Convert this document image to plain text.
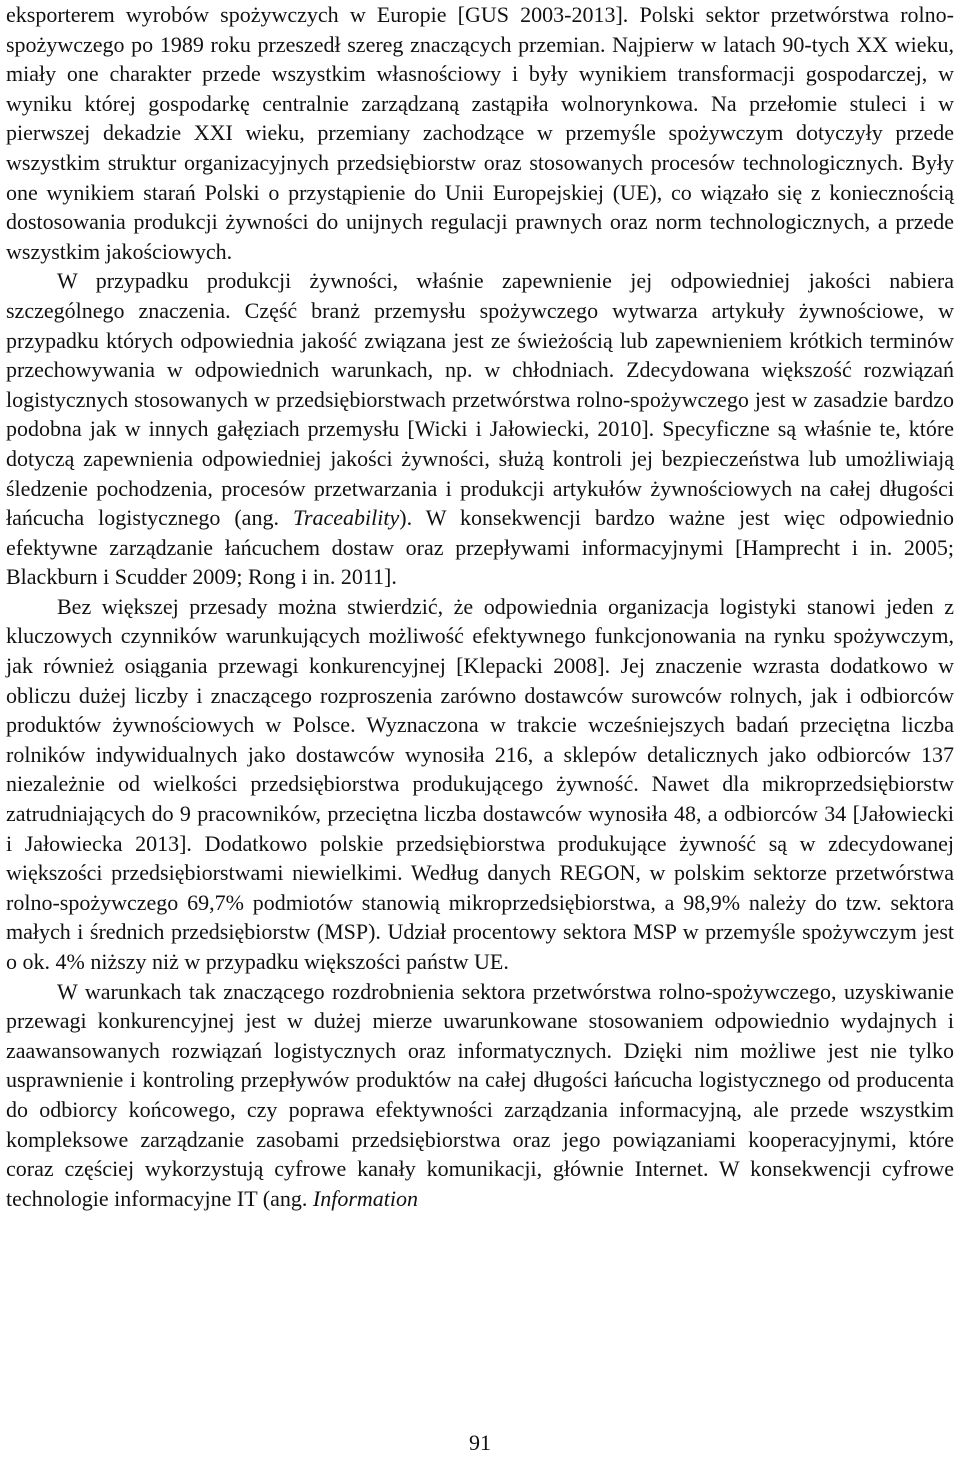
eksporterem wyrobów spożywczych w Europie [GUS 2003-2013]. Polski sektor przetwórstwa rolno-spożywczego po 1989 roku przeszedł szereg znaczących przemian. Najpierw w latach 90-tych XX wieku, miały one charakter przede wszystkim własnościowy i były wynikiem transformacji gospodarczej, w wyniku której gospodarkę centralnie zarządzaną zastąpiła wolnorynkowa. Na przełomie stuleci i w pierwszej dekadzie XXI wieku, przemiany zachodzące w przemyśle spożywczym dotyczyły przede wszystkim struktur organizacyjnych przedsiębiorstw oraz stosowanych procesów technologicznych. Były one wynikiem starań Polski o przystąpienie do Unii Europejskiej (UE), co wiązało się z koniecznością dostosowania produkcji żywności do unijnych regulacji prawnych oraz norm technologicznych, a przede wszystkim jakościowych.

W przypadku produkcji żywności, właśnie zapewnienie jej odpowiedniej jakości nabiera szczególnego znaczenia. Część branż przemysłu spożywczego wytwarza artykuły żywnościowe, w przypadku których odpowiednia jakość związana jest ze świeżością lub zapewnieniem krótkich terminów przechowywania w odpowiednich warunkach, np. w chłodniach. Zdecydowana większość rozwiązań logistycznych stosowanych w przedsiębiorstwach przetwórstwa rolno-spożywczego jest w zasadzie bardzo podobna jak w innych gałęziach przemysłu [Wicki i Jałowiecki, 2010]. Specyficzne są właśnie te, które dotyczą zapewnienia odpowiedniej jakości żywności, służą kontroli jej bezpieczeństwa lub umożliwiają śledzenie pochodzenia, procesów przetwarzania i produkcji artykułów żywnościowych na całej długości łańcucha logistycznego (ang. Traceability). W konsekwencji bardzo ważne jest więc odpowiednio efektywne zarządzanie łańcuchem dostaw oraz przepływami informacyjnymi [Hamprecht i in. 2005; Blackburn i Scudder 2009; Rong i in. 2011].

Bez większej przesady można stwierdzić, że odpowiednia organizacja logistyki stanowi jeden z kluczowych czynników warunkujących możliwość efektywnego funkcjonowania na rynku spożywczym, jak również osiągania przewagi konkurencyjnej [Klepacki 2008]. Jej znaczenie wzrasta dodatkowo w obliczu dużej liczby i znaczącego rozproszenia zarówno dostawców surowców rolnych, jak i odbiorców produktów żywnościowych w Polsce. Wyznaczona w trakcie wcześniejszych badań przeciętna liczba rolników indywidualnych jako dostawców wynosiła 216, a sklepów detalicznych jako odbiorców 137 niezależnie od wielkości przedsiębiorstwa produkującego żywność. Nawet dla mikroprzedsiębiorstw zatrudniających do 9 pracowników, przeciętna liczba dostawców wynosiła 48, a odbiorców 34 [Jałowiecki i Jałowiecka 2013]. Dodatkowo polskie przedsiębiorstwa produkujące żywność są w zdecydowanej większości przedsiębiorstwami niewielkimi. Według danych REGON, w polskim sektorze przetwórstwa rolno-spożywczego 69,7% podmiotów stanowią mikroprzedsiębiorstwa, a 98,9% należy do tzw. sektora małych i średnich przedsiębiorstw (MSP). Udział procentowy sektora MSP w przemyśle spożywczym jest o ok. 4% niższy niż w przypadku większości państw UE.

W warunkach tak znaczącego rozdrobnienia sektora przetwórstwa rolno-spożywczego, uzyskiwanie przewagi konkurencyjnej jest w dużej mierze uwarunkowane stosowaniem odpowiednio wydajnych i zaawansowanych rozwiązań logistycznych oraz informatycznych. Dzięki nim możliwe jest nie tylko usprawnienie i kontroling przepływów produktów na całej długości łańcucha logistycznego od producenta do odbiorcy końcowego, czy poprawa efektywności zarządzania informacyjną, ale przede wszystkim kompleksowe zarządzanie zasobami przedsiębiorstwa oraz jego powiązaniami kooperacyjnymi, które coraz częściej wykorzystują cyfrowe kanały komunikacji, głównie Internet. W konsekwencji cyfrowe technologie informacyjne IT (ang. Information

91
